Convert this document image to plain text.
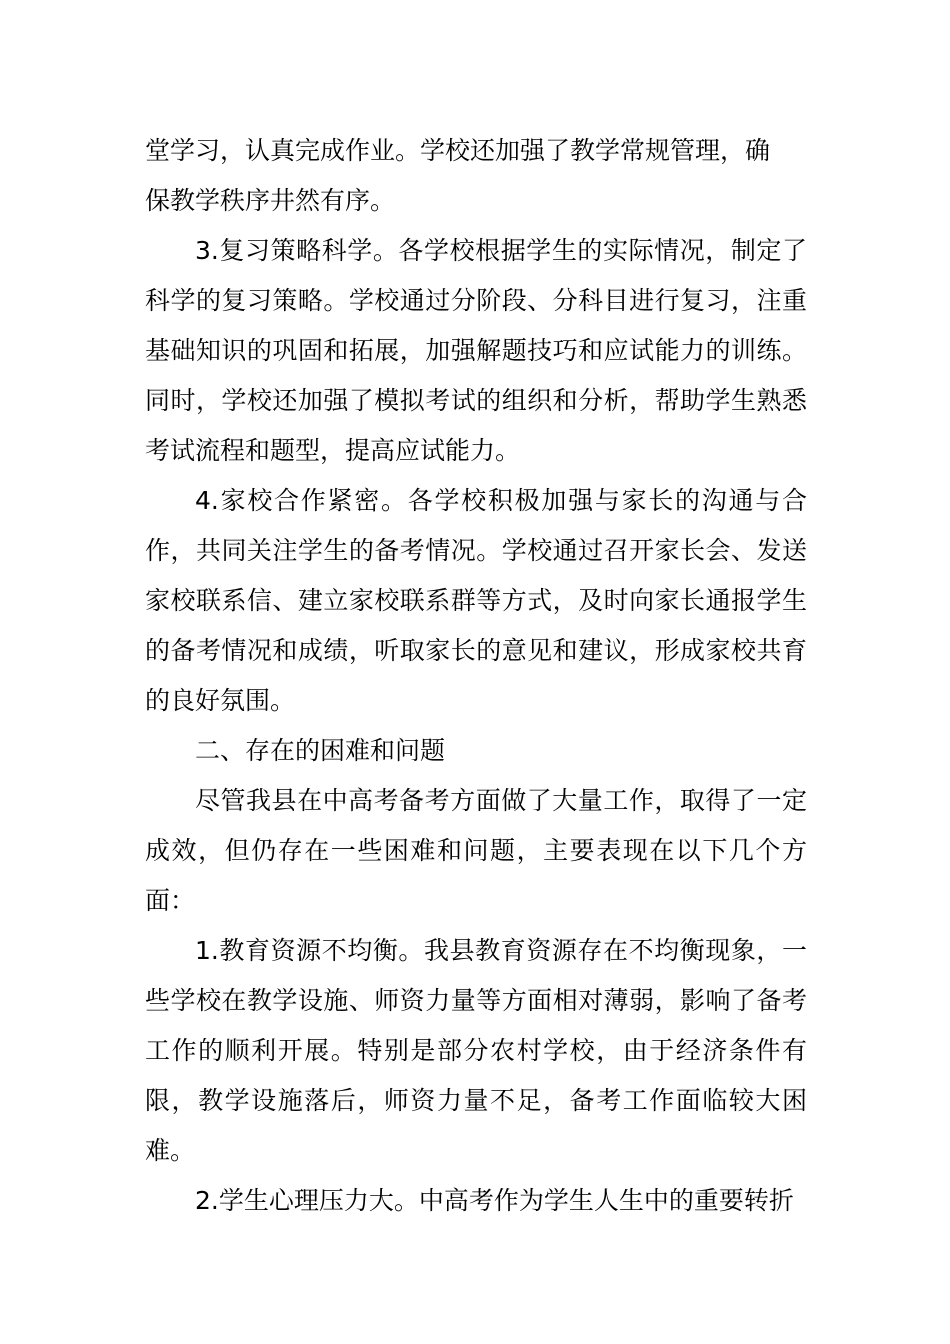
堂学习，认真完成作业。学校还加强了教学常规管理，确
保教学秩序井然有序。

3.复习策略科学。各学校根据学生的实际情况，制定了科学的复习策略。学校通过分阶段、分科目进行复习，注重基础知识的巩固和拓展，加强解题技巧和应试能力的训练。同时，学校还加强了模拟考试的组织和分析，帮助学生熟悉考试流程和题型，提高应试能力。

4.家校合作紧密。各学校积极加强与家长的沟通与合作，共同关注学生的备考情况。学校通过召开家长会、发送家校联系信、建立家校联系群等方式，及时向家长通报学生的备考情况和成绩，听取家长的意见和建议，形成家校共育的良好氛围。

二、存在的困难和问题

尽管我县在中高考备考方面做了大量工作，取得了一定成效，但仍存在一些困难和问题，主要表现在以下几个方面：

1.教育资源不均衡。我县教育资源存在不均衡现象，一些学校在教学设施、师资力量等方面相对薄弱，影响了备考工作的顺利开展。特别是部分农村学校，由于经济条件有限，教学设施落后，师资力量不足，备考工作面临较大困难。

2.学生心理压力大。中高考作为学生人生中的重要转折
